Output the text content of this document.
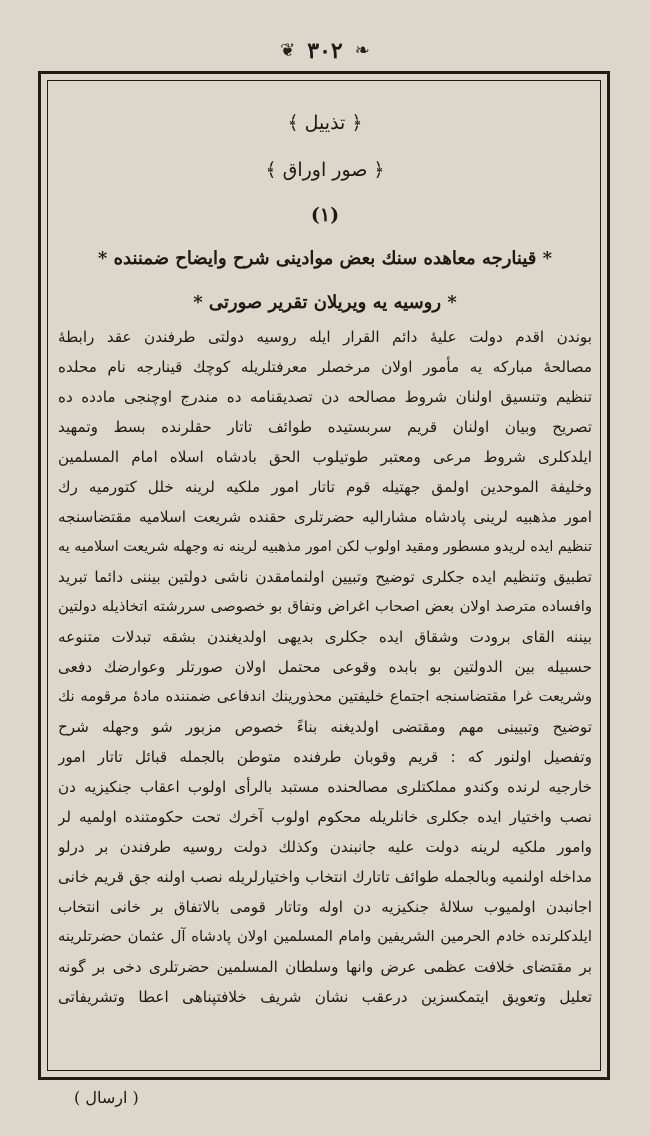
❦ ۳۰۲ ❧

﴿ تذييل ﴾

﴿ صور اوراق ﴾

(۱)

* قينارجه معاهده سنك بعض موادينى شرح وايضاح ضمننده *

* روسيه يه ويريلان تقرير صورتى *

بوندن اقدم دولت عليهٔ دائم القرار ايله روسيه دولتى طرفندن عقد رابطهٔ
مصالحهٔ مباركه يه مأمور اولان مرخصلر معرفتلريله كوچك قينارجه نام محلده
تنظيم وتنسيق اولنان شروط مصالحه دن تصديقنامه ده مندرج اوچنجى مادده ده
تصريح وبيان اولنان قريم سربستيده طوائف تاتار حقلرنده بسط وتمهيد
ايلدكلرى شروط مرعى ومعتبر طوتيلوب الحق بادشاه اسلاه امام المسلمين
وخليفة الموحدين اولمق جهتيله قوم تاتار امور ملكيه لرينه خلل كتورميه رك
امور مذهبيه لرينى پادشاه مشاراليه حضرتلرى حقنده شريعت اسلاميه مقتضاسنجه
تنظيم ايده لريدو مسطور ومقيد اولوب لكن امور مذهبيه لرينه نه وجهله شريعت اسلاميه يه
تطبيق وتنظيم ايده جكلرى توضيح وتبيين اولنمامقدن ناشى دولتين بيننى دائما تبريد
وافساده مترصد اولان بعض اصحاب اغراض ونفاق بو خصوصى سررشته اتخاذيله دولتين
بيننه القاى برودت وشقاق ايده جكلرى بديهى اولديغندن بشقه تبدلات متنوعه
حسبيله بين الدولتين بو بابده وقوعى محتمل اولان صورتلر وعوارضك دفعى
وشريعت غرا مقتضاسنجه اجتماع خليفتين محذورينك اندفاعى ضمننده مادهٔ مرقومه نك
توضيح وتبيينى مهم ومقتضى اولديغنه بناءً خصوص مزبور شو وجهله شرح
وتفصيل اولنور كه : قريم وقوبان طرفنده متوطن بالجمله قبائل تاتار امور
خارجيه لرنده وكندو مملكتلرى مصالحنده مستبد بالرأى اولوب اعقاب جنكيزيه دن
نصب واختيار ايده جكلرى خانلريله محكوم اولوب آخرك تحت حكومتنده اولميه لر
وامور ملكيه لرينه دولت عليه جانبندن وكذلك دولت روسيه طرفندن بر درلو
مداخله اولنميه وبالجمله طوائف تاتارك انتخاب واختيارلريله نصب اولنه جق قريم خانى
اجانبدن اولميوب سلالهٔ جنكيزيه دن اوله وتاتار قومى بالاتفاق بر خانى انتخاب
ايلدكلرنده خادم الحرمين الشريفين وامام المسلمين اولان پادشاه آل عثمان حضرتلرينه
بر مقتضاى خلافت عظمى عرض وانها وسلطان المسلمين حضرتلرى دخى بر گونه
تعليل وتعويق ايتمكسزين درعقب نشان شريف خلافتپناهى اعطا وتشريفاتى
( ارسال )
